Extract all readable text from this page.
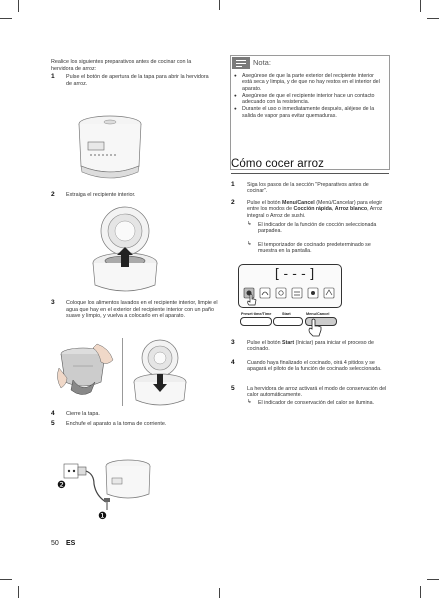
Realice los siguientes preparativos antes de cocinar con la hervidora de arroz:
1 Pulse el botón de apertura de la tapa para abrir la hervidora de arroz.
2 Extraiga el recipiente interior.
3 Coloque los alimentos lavados en el recipiente interior, limpie el agua que hay en el exterior del recipiente interior con un paño suave y limpio, y vuelva a colocarlo en el aparato.
4 Cierre la tapa.
5 Enchufe el aparato a la toma de corriente.
❶
❷
Nota:
● Asegúrese de que la parte exterior del recipiente interior está seca y limpia, y de que no hay restos en el interior del aparato.
● Asegúrese de que el recipiente interior hace un contacto adecuado con la resistencia.
● Durante el uso o inmediatamente después, aléjese de la salida de vapor para evitar quemaduras.
Cómo cocer arroz
1 Siga los pasos de la sección "Preparativos antes de cocinar".
2 Pulse el botón Menu/Cancel (Menú/Cancelar) para elegir entre los modos de Cocción rápida, Arroz blanco, Arroz integral o Arroz de sushi.
↳ El indicador de la función de cocción seleccionada parpadea.
↳ El temporizador de cocinado predeterminado se muestra en la pantalla.
[---]
Preset time/Time	Start	Menu/Cancel
3 Pulse el botón Start (Iniciar) para iniciar el proceso de cocinado.
4 Cuando haya finalizado el cocinado, oirá 4 pitidos y se apagará el piloto de la función de cocinado seleccionada.
5 La hervidora de arroz activará el modo de conservación del calor automáticamente.
↳ El indicador de conservación del calor se ilumina.
50 ES
